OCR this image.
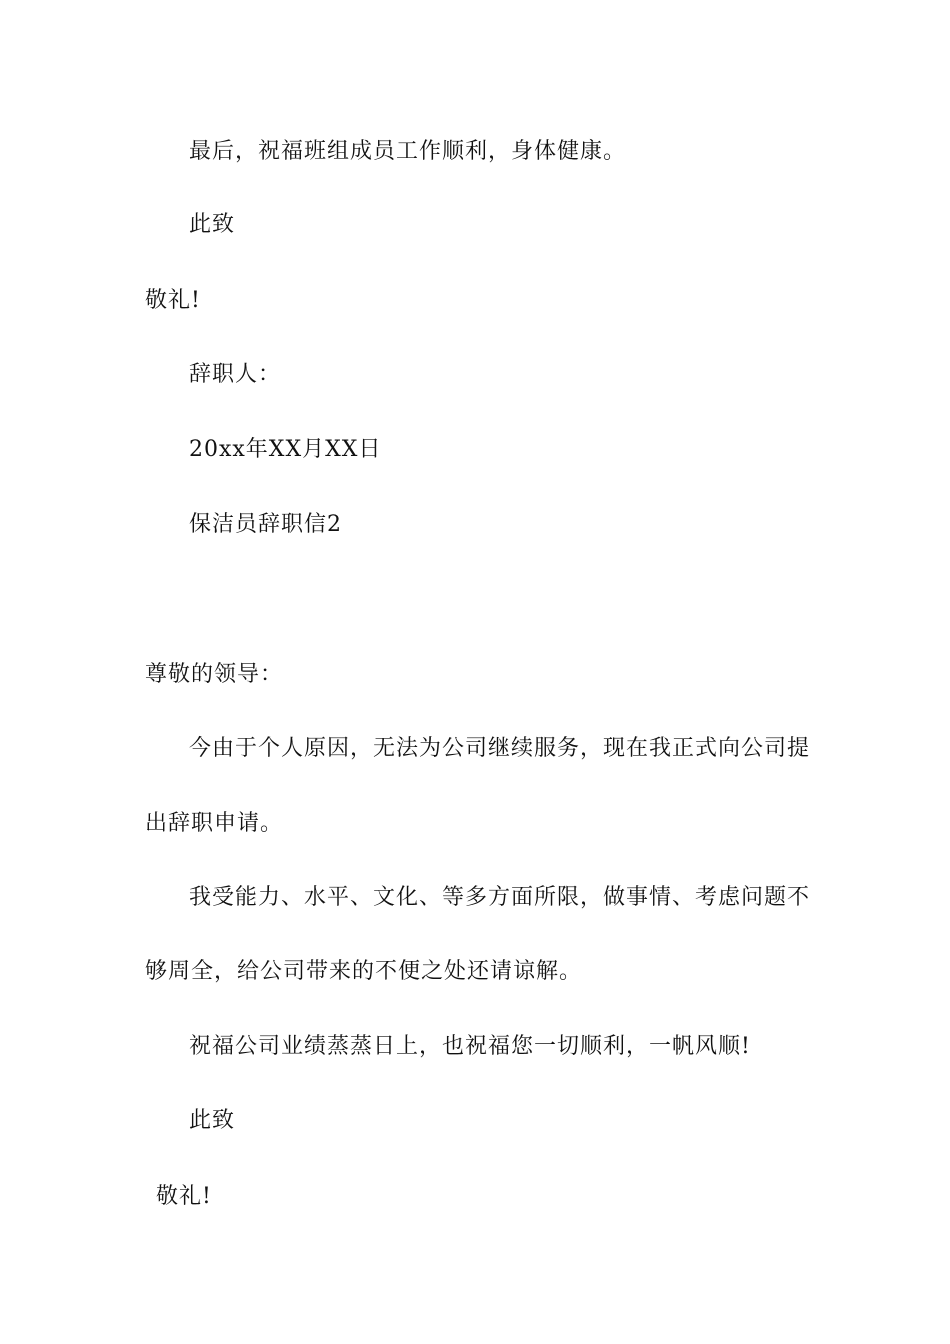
最后，祝福班组成员工作顺利，身体健康。
此致
敬礼!
辞职人：
20xx年XX月XX日
保洁员辞职信2
尊敬的领导：
今由于个人原因，无法为公司继续服务，现在我正式向公司提
出辞职申请。
我受能力、水平、文化、等多方面所限，做事情、考虑问题不
够周全，给公司带来的不便之处还请谅解。
祝福公司业绩蒸蒸日上，也祝福您一切顺利，一帆风顺!
此致
敬礼!
